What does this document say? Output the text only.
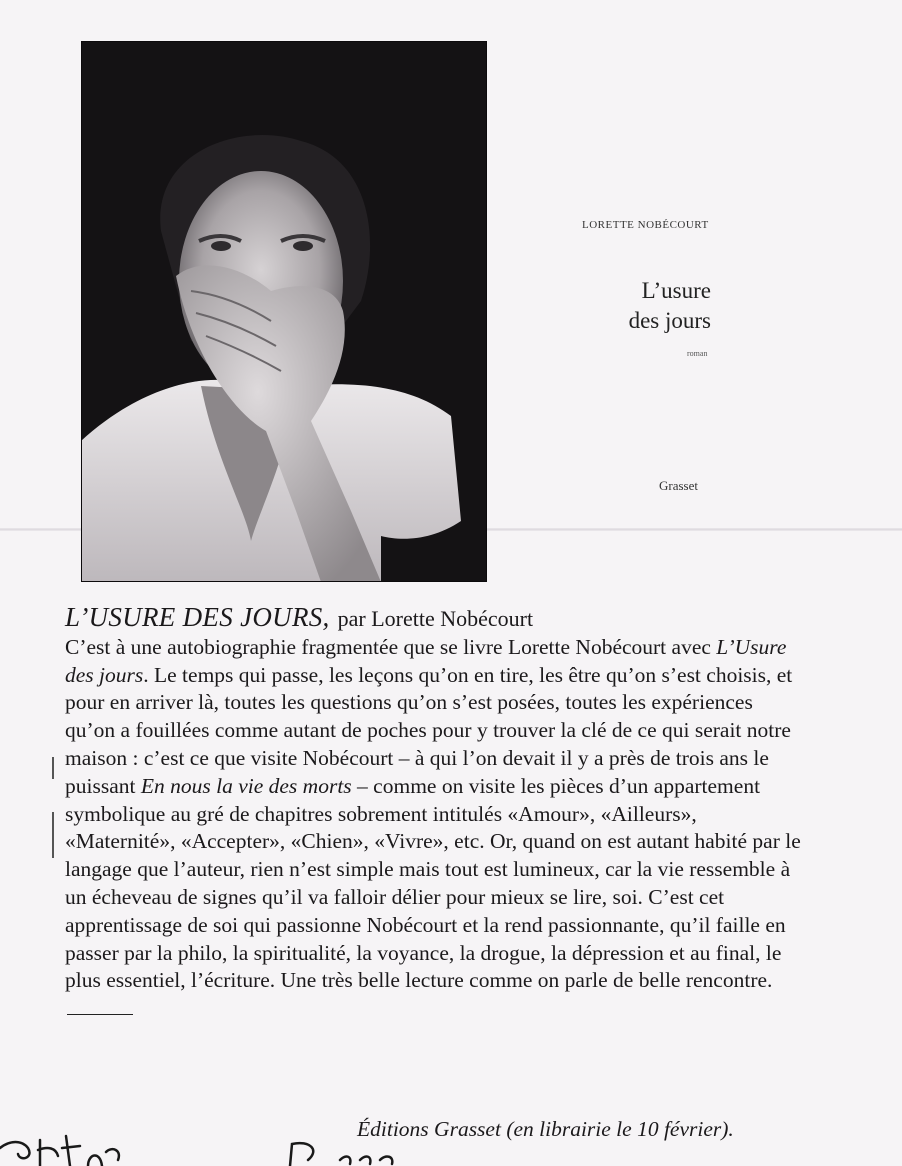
LORETTE NOBÉCOURT
L’usure
des jours
roman
Grasset
L’USURE DES JOURS, par Lorette Nobécourt
C’est à une autobiographie fragmentée que se livre Lorette Nobécourt avec L’Usure des jours. Le temps qui passe, les leçons qu’on en tire, les être qu’on s’est choisis, et pour en arriver là, toutes les questions qu’on s’est posées, toutes les expériences qu’on a fouillées comme autant de poches pour y trouver la clé de ce qui serait notre maison : c’est ce que visite Nobécourt – à qui l’on devait il y a près de trois ans le puissant En nous la vie des morts – comme on visite les pièces d’un appartement symbolique au gré de chapitres sobrement intitulés «Amour», «Ailleurs», «Maternité», «Accepter», «Chien», «Vivre», etc. Or, quand on est autant habité par le langage que l’auteur, rien n’est simple mais tout est lumineux, car la vie ressemble à un écheveau de signes qu’il va falloir délier pour mieux se lire, soi. C’est cet apprentissage de soi qui passionne Nobécourt et la rend passionnante, qu’il faille en passer par la philo, la spiritualité, la voyance, la drogue, la dépression et au final, le plus essentiel, l’écriture. Une très belle lecture comme on parle de belle rencontre.
Éditions Grasset (en librairie le 10 février).
